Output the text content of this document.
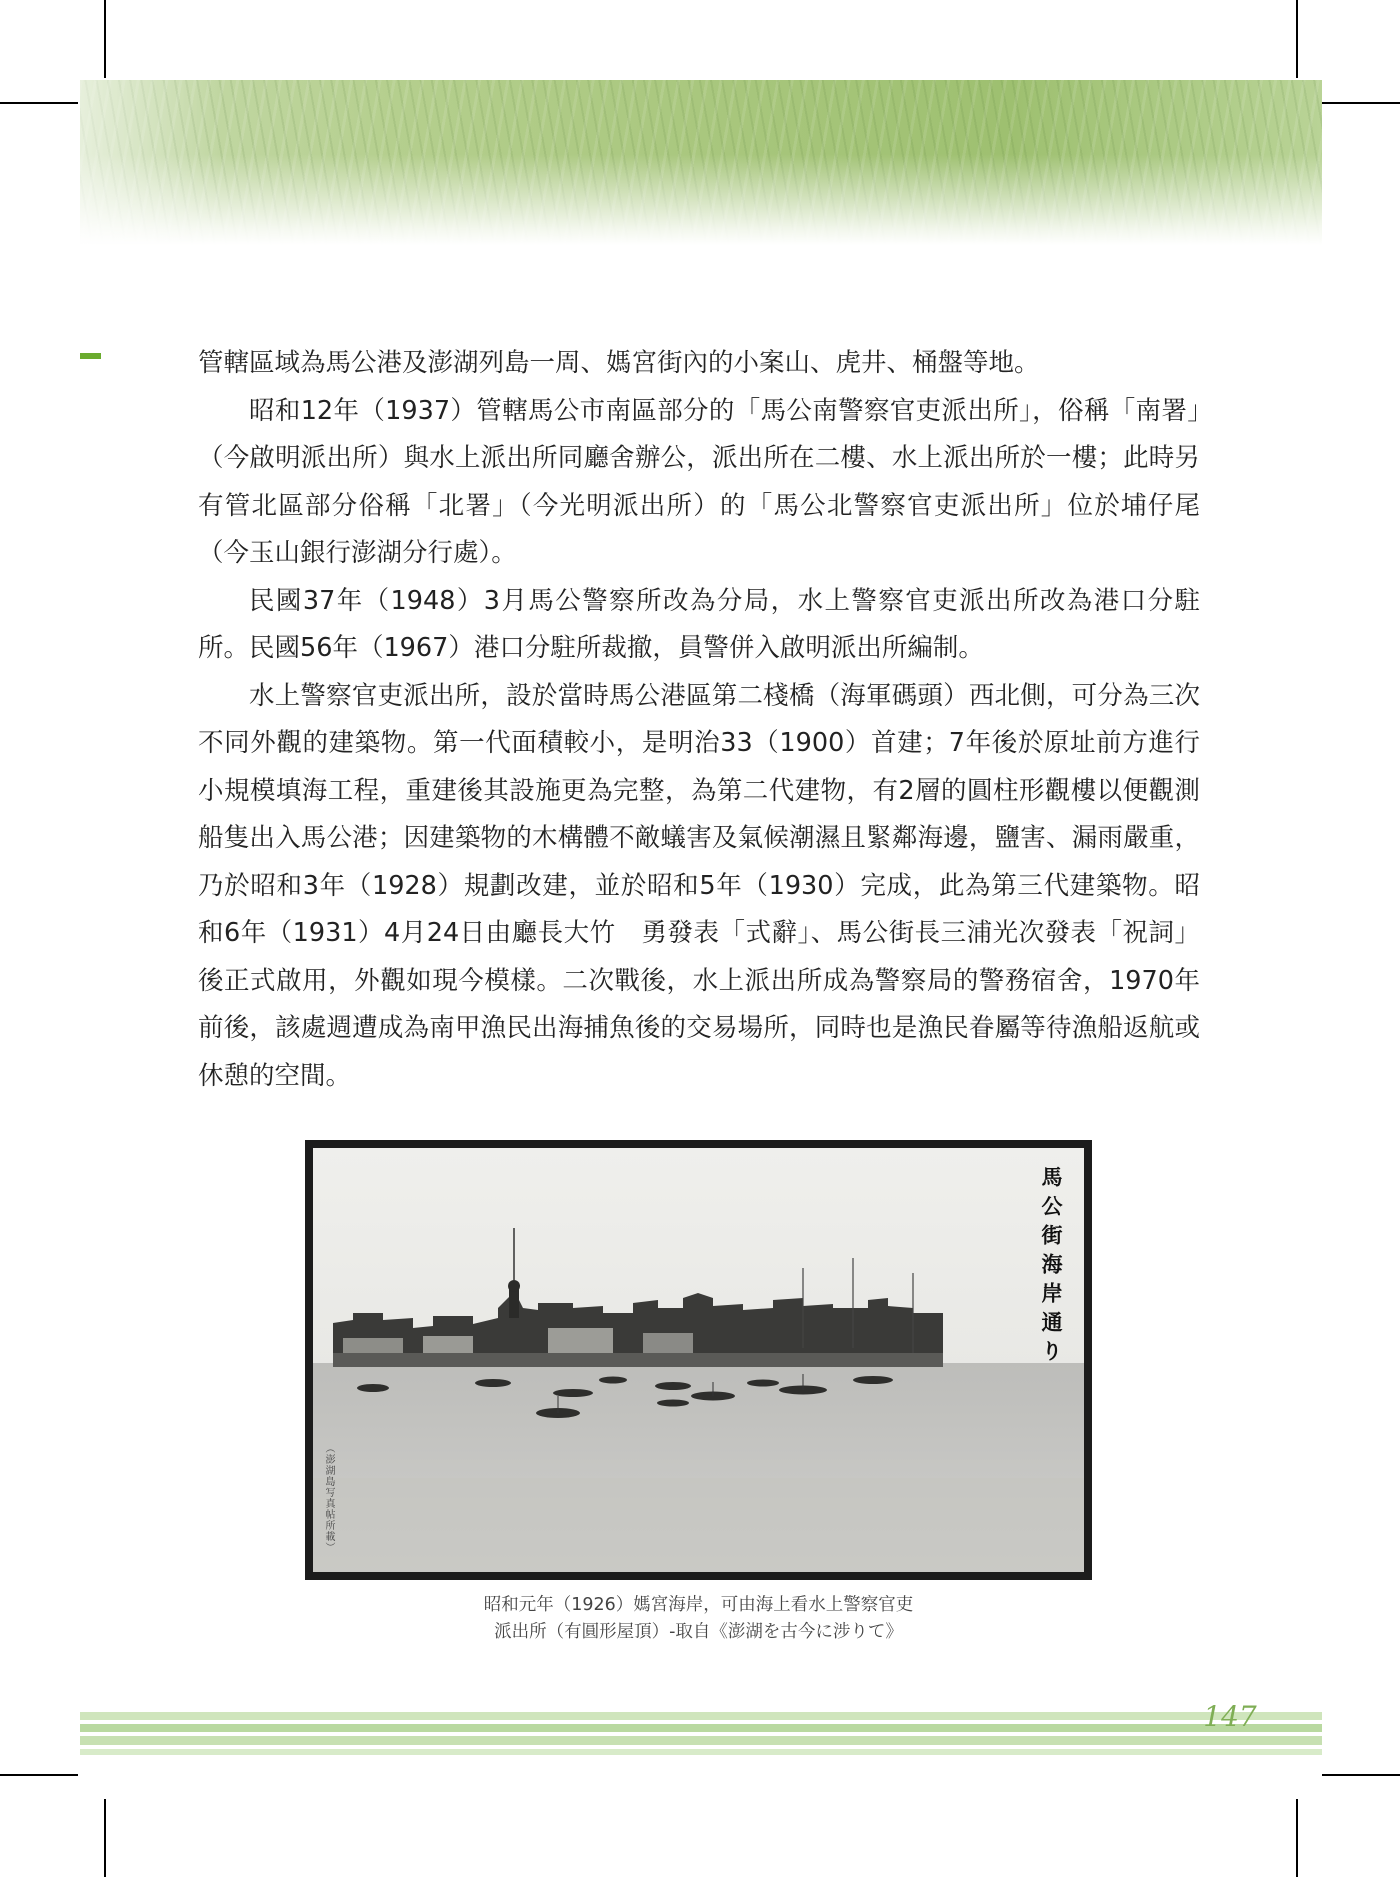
管轄區域為馬公港及澎湖列島一周、媽宮街內的小案山、虎井、桶盤等地。

昭和12年（1937）管轄馬公市南區部分的「馬公南警察官吏派出所」，俗稱「南署」（今啟明派出所）與水上派出所同廳舍辦公，派出所在二樓、水上派出所於一樓；此時另有管北區部分俗稱「北署」（今光明派出所）的「馬公北警察官吏派出所」位於埔仔尾（今玉山銀行澎湖分行處）。

民國37年（1948）3月馬公警察所改為分局，水上警察官吏派出所改為港口分駐所。民國56年（1967）港口分駐所裁撤，員警併入啟明派出所編制。

水上警察官吏派出所，設於當時馬公港區第二棧橋（海軍碼頭）西北側，可分為三次不同外觀的建築物。第一代面積較小，是明治33（1900）首建；7年後於原址前方進行小規模填海工程，重建後其設施更為完整，為第二代建物，有2層的圓柱形觀樓以便觀測船隻出入馬公港；因建築物的木構體不敵蟻害及氣候潮濕且緊鄰海邊，鹽害、漏雨嚴重，乃於昭和3年（1928）規劃改建，並於昭和5年（1930）完成，此為第三代建築物。昭和6年（1931）4月24日由廳長大竹　勇發表「式辭」、馬公街長三浦光次發表「祝詞」後正式啟用，外觀如現今模樣。二次戰後，水上派出所成為警察局的警務宿舍，1970年前後，該處週遭成為南甲漁民出海捕魚後的交易場所，同時也是漁民眷屬等待漁船返航或休憩的空間。

馬公街海岸通り
（澎湖島写真帖所載）
昭和元年（1926）媽宮海岸，可由海上看水上警察官吏
派出所（有圓形屋頂）-取自《澎湖を古今に涉りて》
147
